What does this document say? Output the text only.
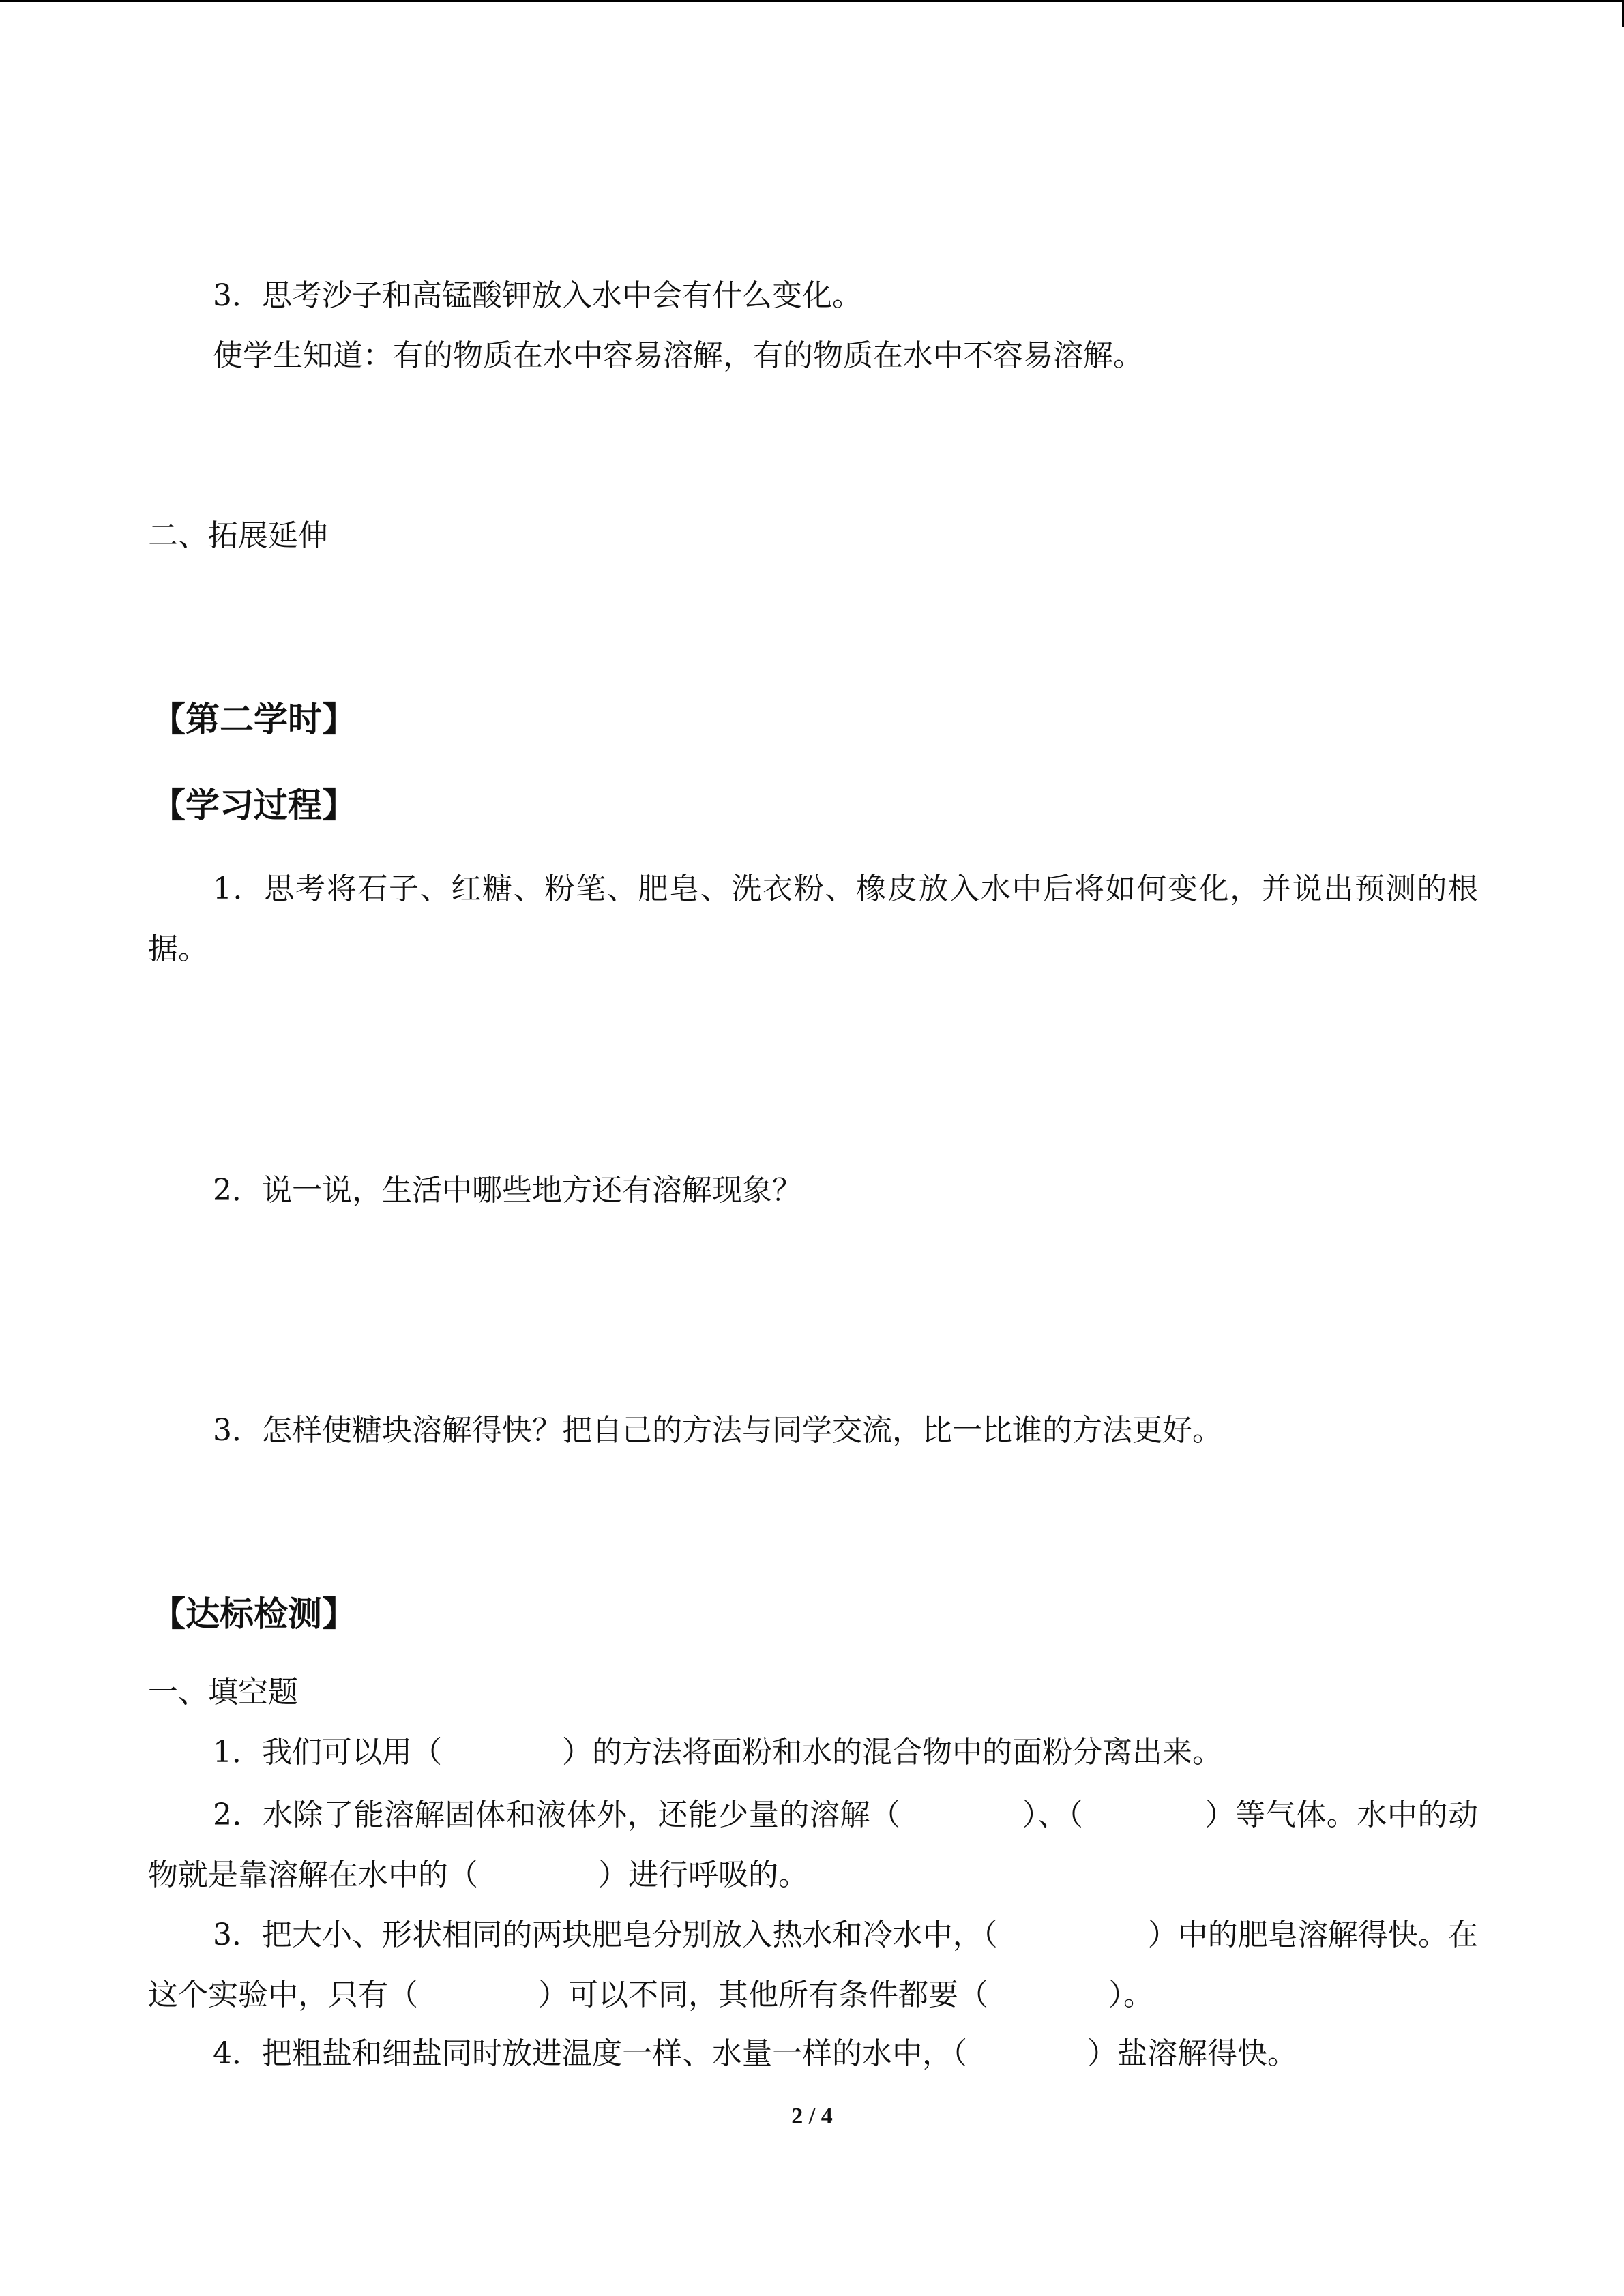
3．思考沙子和高锰酸钾放入水中会有什么变化。
使学生知道：有的物质在水中容易溶解，有的物质在水中不容易溶解。
二、拓展延伸
【第二学时】
【学习过程】
1．思考将石子、红糖、粉笔、肥皂、洗衣粉、橡皮放入水中后将如何变化，并说出预测的根据。
2．说一说，生活中哪些地方还有溶解现象？
3．怎样使糖块溶解得快？把自己的方法与同学交流，比一比谁的方法更好。
【达标检测】
一、填空题
1．我们可以用（　　　　）的方法将面粉和水的混合物中的面粉分离出来。
2．水除了能溶解固体和液体外，还能少量的溶解（　　　　）、（　　　　）等气体。水中的动物就是靠溶解在水中的（　　　　）进行呼吸的。
3．把大小、形状相同的两块肥皂分别放入热水和冷水中，（　　　　　）中的肥皂溶解得快。在这个实验中，只有（　　　　）可以不同，其他所有条件都要（　　　　）。
4．把粗盐和细盐同时放进温度一样、水量一样的水中，（　　　　）盐溶解得快。
2 / 4
